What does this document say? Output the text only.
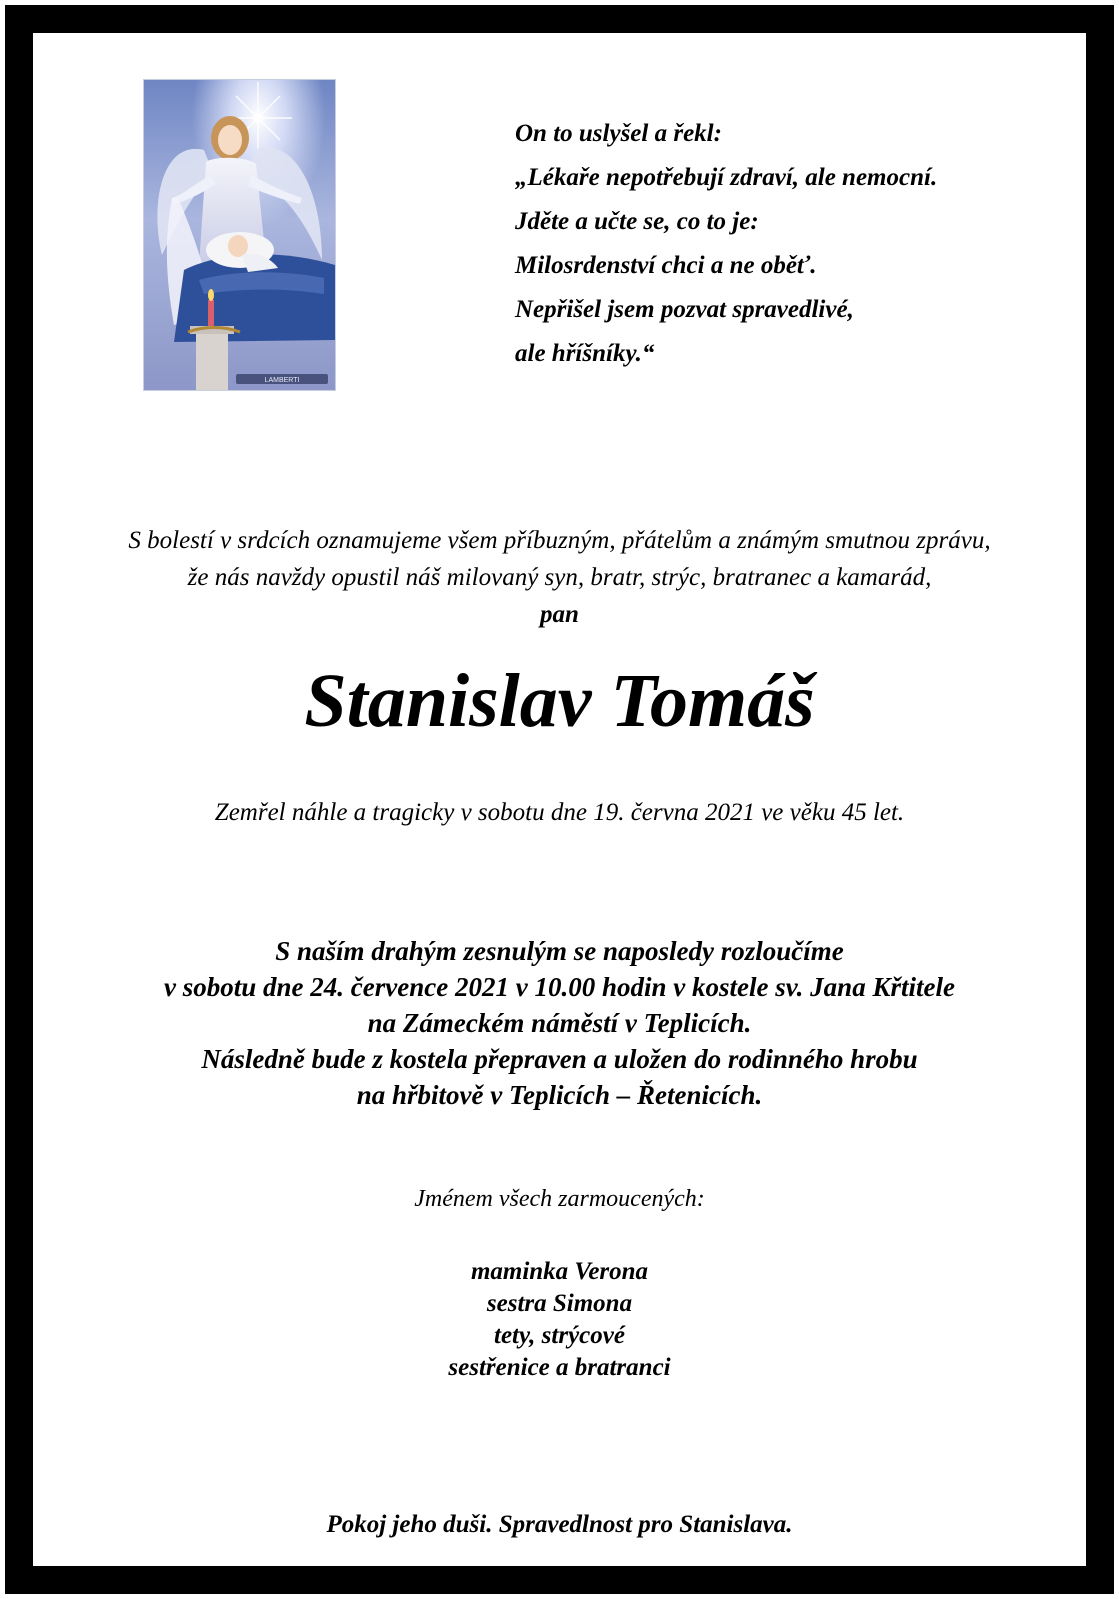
LAMBERTI
On to uslyšel a řekl:
„Lékaře nepotřebují zdraví, ale nemocní.
Jděte a učte se, co to je:
Milosrdenství chci a ne oběť.
Nepřišel jsem pozvat spravedlivé,
ale hříšníky.“
S bolestí v srdcích oznamujeme všem příbuzným, přátelům a známým smutnou zprávu,
že nás navždy opustil náš milovaný syn, bratr, strýc, bratranec a kamarád,
pan
Stanislav Tomáš
Zemřel náhle a tragicky v sobotu dne 19. června 2021 ve věku 45 let.
S naším drahým zesnulým se naposledy rozloučíme
v sobotu dne 24. července 2021 v 10.00 hodin v kostele sv. Jana Křtitele
na Zámeckém náměstí v Teplicích.
Následně bude z kostela přepraven a uložen do rodinného hrobu
na hřbitově v Teplicích – Řetenicích.
Jménem všech zarmoucených:
maminka Verona
sestra Simona
tety, strýcové
sestřenice a bratranci
Pokoj jeho duši. Spravedlnost pro Stanislava.
